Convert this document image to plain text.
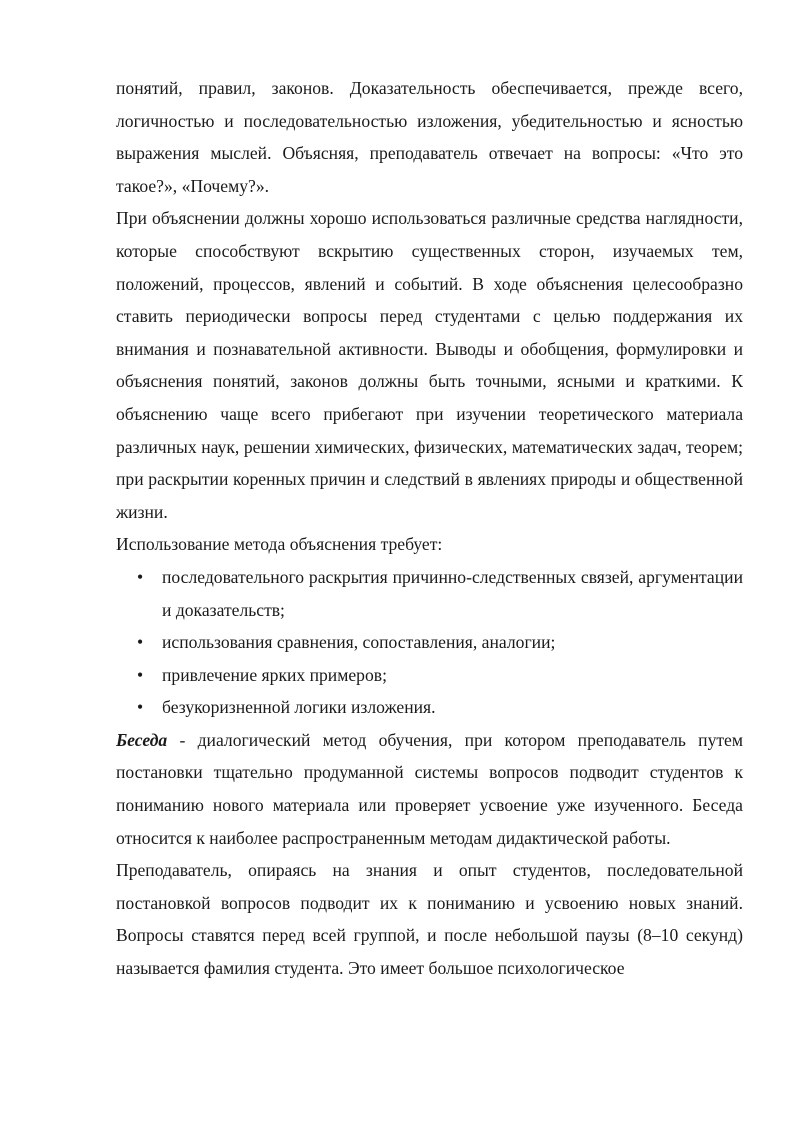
понятий, правил, законов. Доказательность обеспечивается, прежде всего, логичностью и последовательностью изложения, убедительностью и ясностью выражения мыслей. Объясняя, преподаватель отвечает на вопросы: «Что это такое?», «Почему?».

При объяснении должны хорошо использоваться различные средства наглядности, которые способствуют вскрытию существенных сторон, изучаемых тем, положений, процессов, явлений и событий. В ходе объяснения целесообразно ставить периодически вопросы перед студентами с целью поддержания их внимания и познавательной активности. Выводы и обобщения, формулировки и объяснения понятий, законов должны быть точными, ясными и краткими. К объяснению чаще всего прибегают при изучении теоретического материала различных наук, решении химических, физических, математических задач, теорем; при раскрытии коренных причин и следствий в явлениях природы и общественной жизни.

Использование метода объяснения требует:

• последовательного раскрытия причинно-следственных связей, аргументации и доказательств;
• использования сравнения, сопоставления, аналогии;
• привлечение ярких примеров;
• безукоризненной логики изложения.

Беседа - диалогический метод обучения, при котором преподаватель путем постановки тщательно продуманной системы вопросов подводит студентов к пониманию нового материала или проверяет усвоение уже изученного. Беседа относится к наиболее распространенным методам дидактической работы.

Преподаватель, опираясь на знания и опыт студентов, последовательной постановкой вопросов подводит их к пониманию и усвоению новых знаний. Вопросы ставятся перед всей группой, и после небольшой паузы (8–10 секунд) называется фамилия студента. Это имеет большое психологическое
